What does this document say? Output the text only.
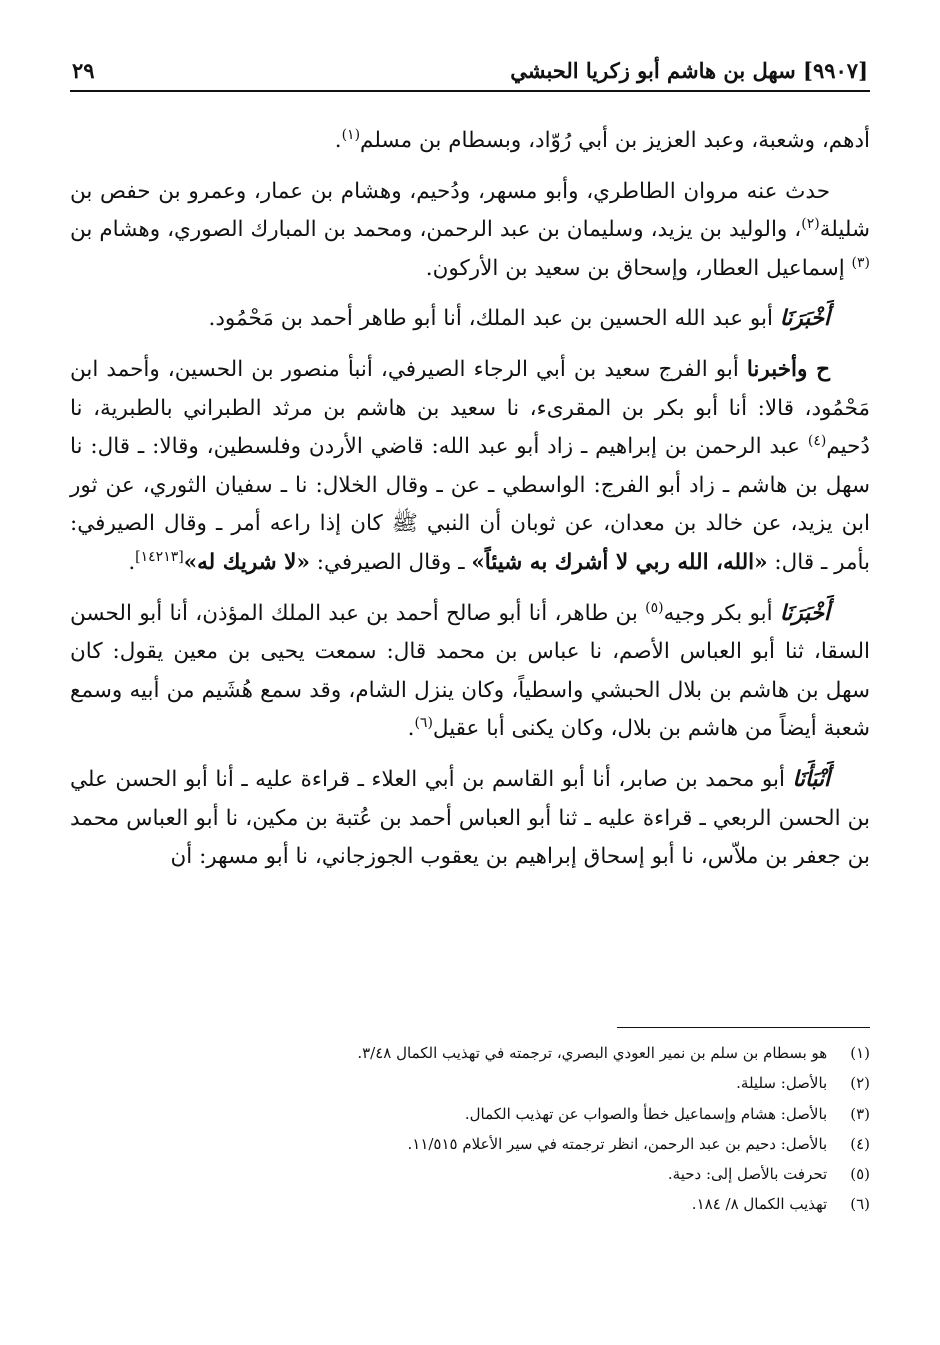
[٩٩٠٧] سهل بن هاشم أبو زكريا الحبشي
٢٩

أدهم، وشعبة، وعبد العزيز بن أبي رُوّاد، وبسطام بن مسلم$^{(١)}$.

حدث عنه مروان الطاطري، وأبو مسهر، ودُحيم، وهشام بن عمار، وعمرو بن حفص بن شليلة$^{(٢)}$، والوليد بن يزيد، وسليمان بن عبد الرحمن، ومحمد بن المبارك الصوري، وهشام بن $^{(٣)}$ إسماعيل العطار، وإسحاق بن سعيد بن الأركون.

أَخْبَرَنَا أبو عبد الله الحسين بن عبد الملك، أنا أبو طاهر أحمد بن مَحْمُود.

ح وأخبرنا أبو الفرج سعيد بن أبي الرجاء الصيرفي، أنبأ منصور بن الحسين، وأحمد ابن مَحْمُود، قالا: أنا أبو بكر بن المقرىء، نا سعيد بن هاشم بن مرثد الطبراني بالطبرية، نا دُحيم$^{(٤)}$ عبد الرحمن بن إبراهيم ـ زاد أبو عبد الله: قاضي الأردن وفلسطين، وقالا: ـ قال: نا سهل بن هاشم ـ زاد أبو الفرج: الواسطي ـ عن ـ وقال الخلال: نا ـ سفيان الثوري، عن ثور ابن يزيد، عن خالد بن معدان، عن ثوبان أن النبي ﷺ كان إذا راعه أمر ـ وقال الصيرفي: بأمر ـ قال: «الله، الله ربي لا أشرك به شيئاً» ـ وقال الصيرفي: «لا شريك له»[١٤٢١٣].

أَخْبَرَنَا أبو بكر وجيه$^{(٥)}$ بن طاهر، أنا أبو صالح أحمد بن عبد الملك المؤذن، أنا أبو الحسن السقا، ثنا أبو العباس الأصم، نا عباس بن محمد قال: سمعت يحيى بن معين يقول: كان سهل بن هاشم بن بلال الحبشي واسطياً، وكان ينزل الشام، وقد سمع هُشَيم من أبيه وسمع شعبة أيضاً من هاشم بن بلال، وكان يكنى أبا عقيل$^{(٦)}$.

أَنْبَأَنَا أبو محمد بن صابر، أنا أبو القاسم بن أبي العلاء ـ قراءة عليه ـ أنا أبو الحسن علي بن الحسن الربعي ـ قراءة عليه ـ ثنا أبو العباس أحمد بن عُتبة بن مكين، نا أبو العباس محمد بن جعفر بن ملاّس، نا أبو إسحاق إبراهيم بن يعقوب الجوزجاني، نا أبو مسهر: أن

(١) هو بسطام بن سلم بن نمير العودي البصري، ترجمته في تهذيب الكمال ٣/٤٨.
(٢) بالأصل: سليلة.
(٣) بالأصل: هشام وإسماعيل خطأ والصواب عن تهذيب الكمال.
(٤) بالأصل: دحيم بن عبد الرحمن، انظر ترجمته في سير الأعلام ١١/٥١٥.
(٥) تحرفت بالأصل إلى: دحية.
(٦) تهذيب الكمال ٨/ ١٨٤.
